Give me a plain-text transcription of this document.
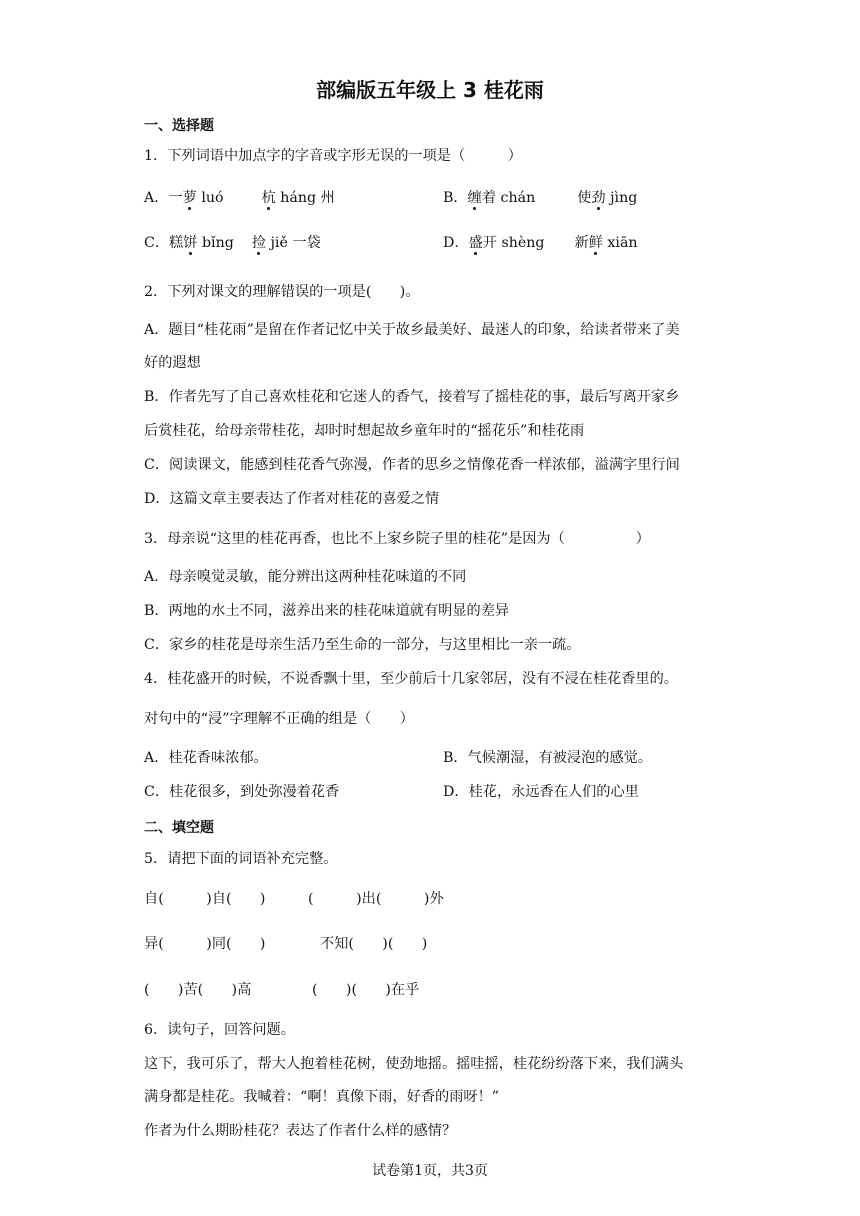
部编版五年级上 3 桂花雨
一、选择题
1．下列词语中加点字的字音或字形无误的一项是（　　　）
A．一萝 luó	杭 háng 州	B．缠着 chán	使劲 jìng
C．糕饼 bǐng 捡 jiě 一袋	D．盛开 shèng 新鲜 xiān
2．下列对课文的理解错误的一项是(　　)。
A．题目“桂花雨”是留在作者记忆中关于故乡最美好、最迷人的印象，给读者带来了美
好的遐想
B．作者先写了自己喜欢桂花和它迷人的香气，接着写了摇桂花的事，最后写离开家乡
后赏桂花，给母亲带桂花，却时时想起故乡童年时的“摇花乐”和桂花雨
C．阅读课文，能感到桂花香气弥漫，作者的思乡之情像花香一样浓郁，溢满字里行间
D．这篇文章主要表达了作者对桂花的喜爱之情
3．母亲说“这里的桂花再香，也比不上家乡院子里的桂花”是因为（　　　　　）
A．母亲嗅觉灵敏，能分辨出这两种桂花味道的不同
B．两地的水土不同，滋养出来的桂花味道就有明显的差异
C．家乡的桂花是母亲生活乃至生命的一部分，与这里相比一亲一疏。
4．桂花盛开的时候，不说香飘十里，至少前后十几家邻居，没有不浸在桂花香里的。
对句中的“浸”字理解不正确的组是（　　）
A．桂花香味浓郁。	B．气候潮湿，有被浸泡的感觉。
C．桂花很多，到处弥漫着花香	D．桂花，永远香在人们的心里
二、填空题
5．请把下面的词语补充完整。
自(　　　)自(　　)	(　　　)出(　　　)外
异(　　　)同(　　)	不知(　　)(　　)
(　　)苦(　　)高	(　　)(　　)在乎
6．读句子，回答问题。
这下，我可乐了，帮大人抱着桂花树，使劲地摇。摇哇摇，桂花纷纷落下来，我们满头
满身都是桂花。我喊着：“啊！真像下雨，好香的雨呀！”
作者为什么期盼桂花？表达了作者什么样的感情？
试卷第1页，共3页
